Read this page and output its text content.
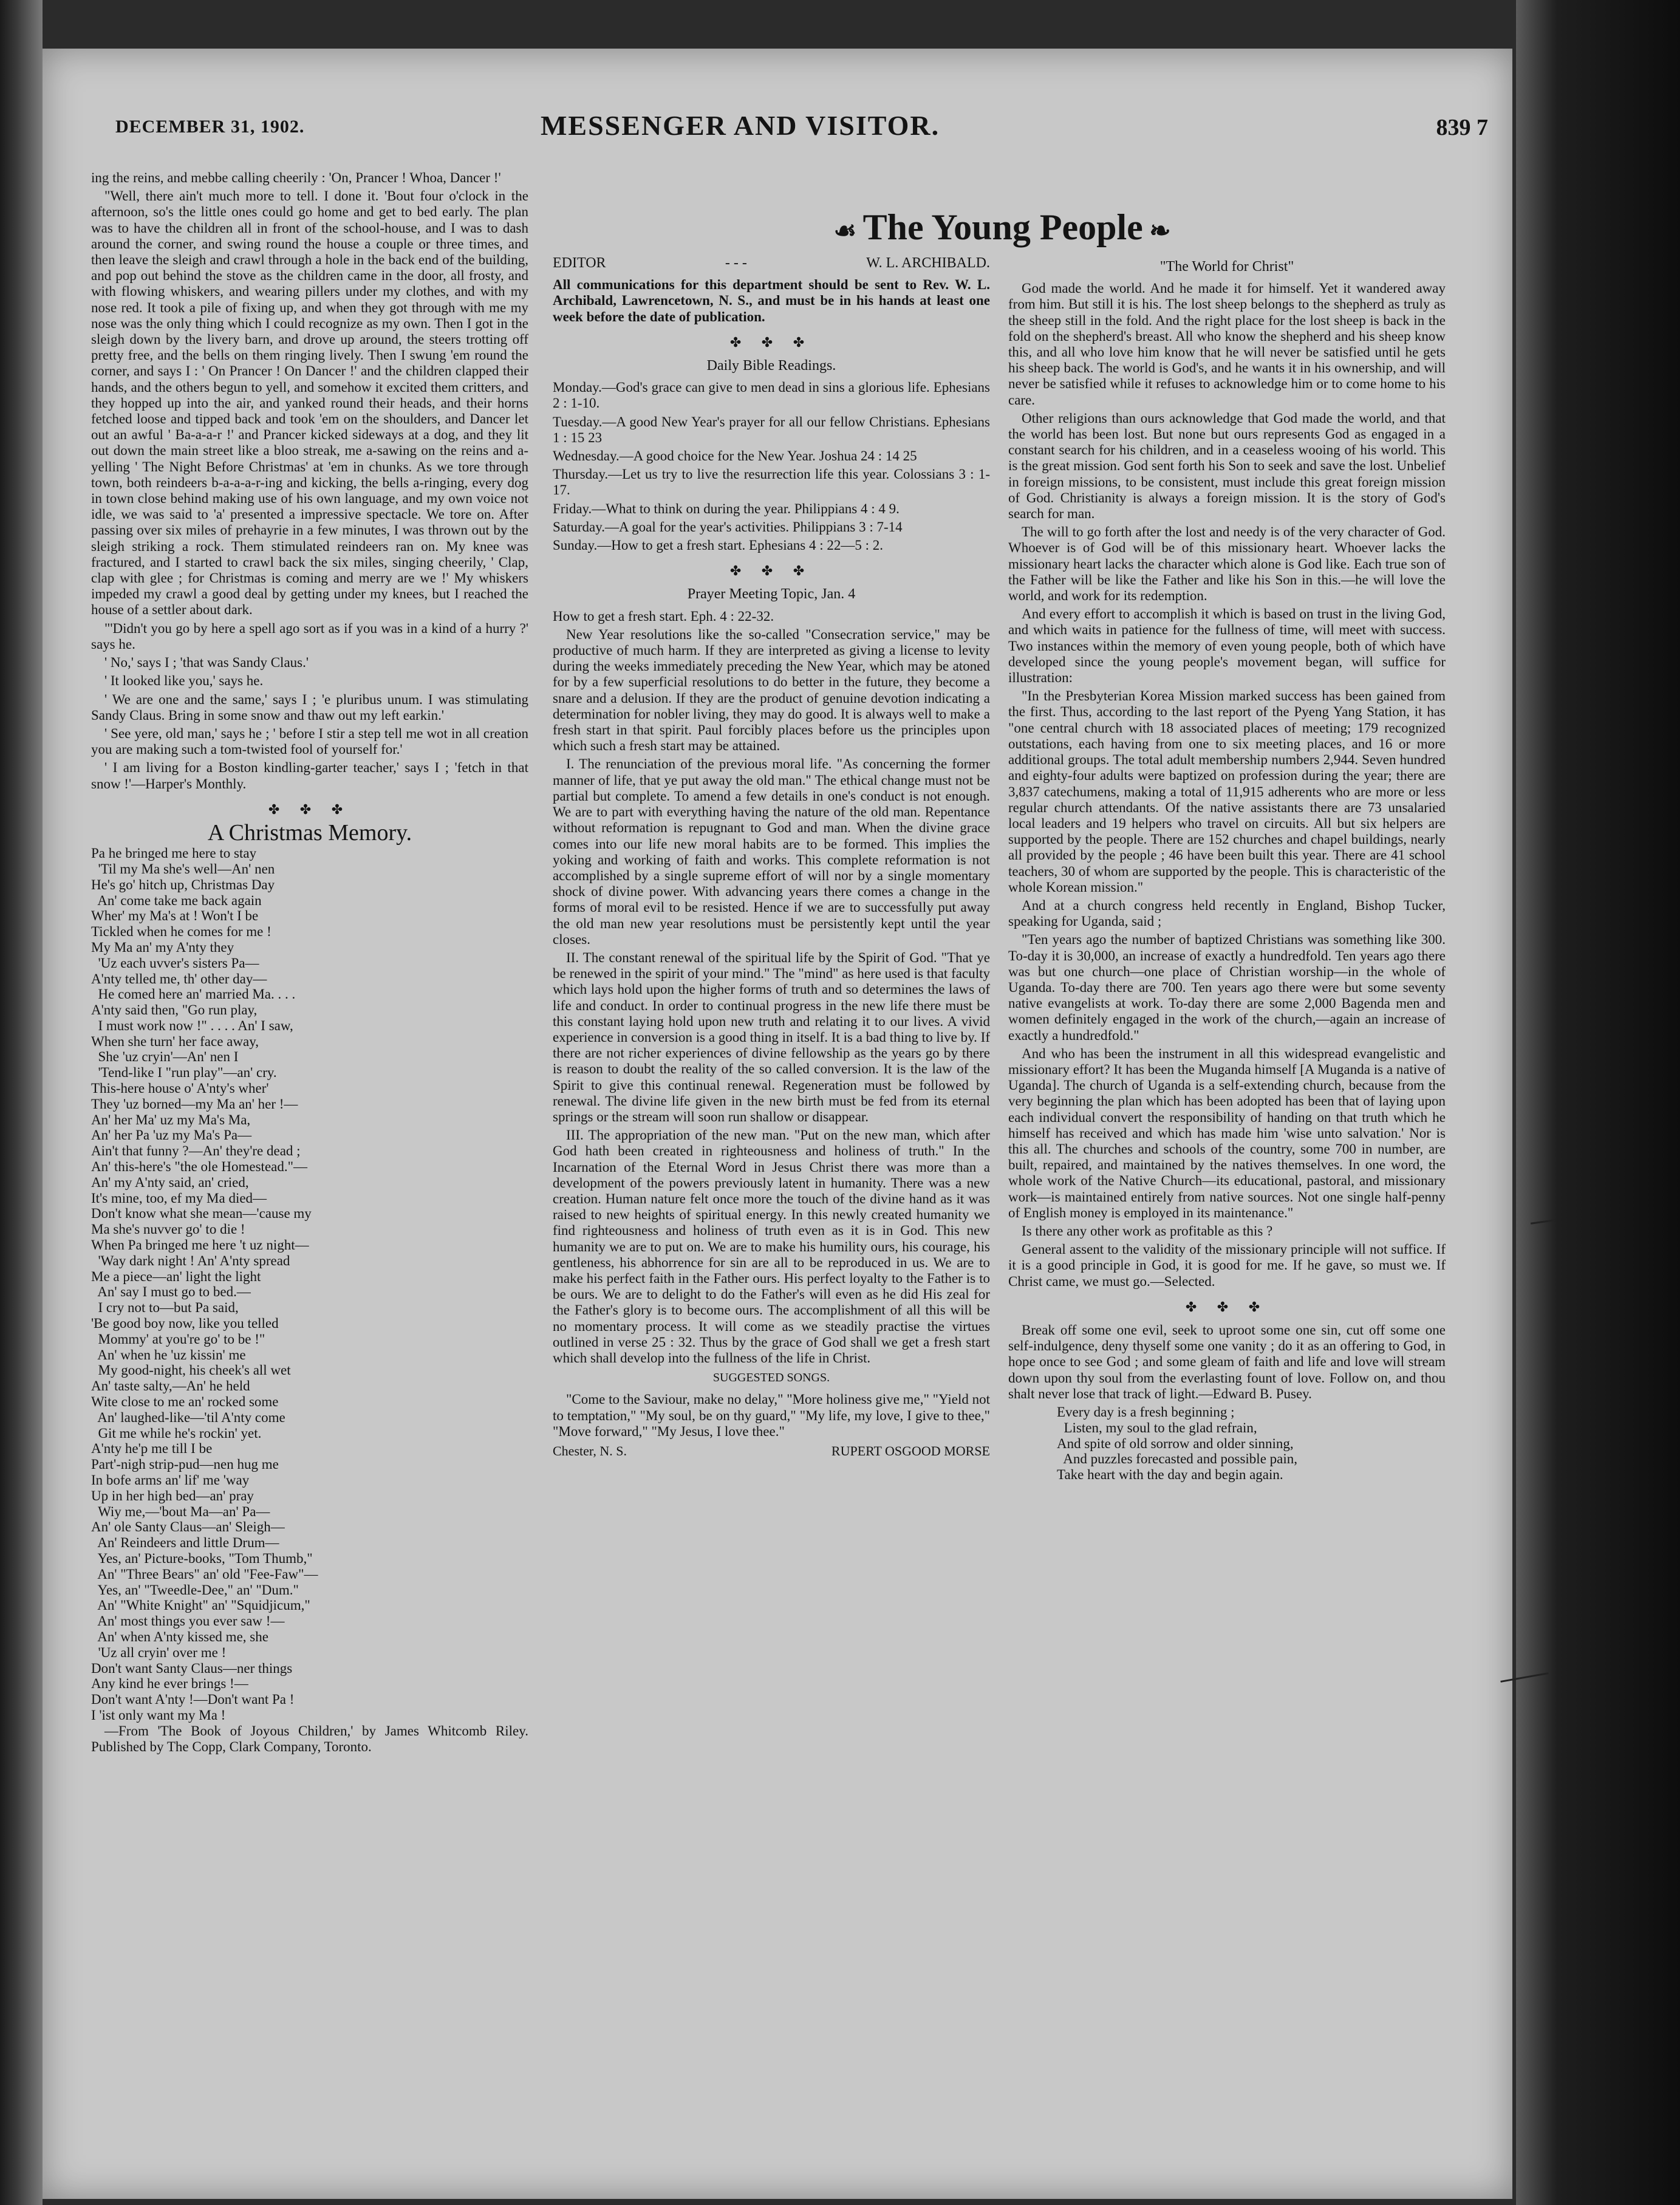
DECEMBER 31, 1902.	MESSENGER AND VISITOR.	839 7
☙ The Young People ❧

ing the reins, and mebbe calling cheerily : 'On, Prancer ! Whoa, Dancer !'

"Well, there ain't much more to tell. I done it. 'Bout four o'clock in the afternoon, so's the little ones could go home and get to bed early. The plan was to have the children all in front of the school-house, and I was to dash around the corner, and swing round the house a couple or three times, and then leave the sleigh and crawl through a hole in the back end of the building, and pop out behind the stove as the children came in the door, all frosty, and with flowing whiskers, and wearing pillers under my clothes, and with my nose red. It took a pile of fixing up, and when they got through with me my nose was the only thing which I could recognize as my own. Then I got in the sleigh down by the livery barn, and drove up around, the steers trotting off pretty free, and the bells on them ringing lively. Then I swung 'em round the corner, and says I : ' On Prancer ! On Dancer !' and the children clapped their hands, and the others begun to yell, and somehow it excited them critters, and they hopped up into the air, and yanked round their heads, and their horns fetched loose and tipped back and took 'em on the shoulders, and Dancer let out an awful ' Ba-a-a-r !' and Prancer kicked sideways at a dog, and they lit out down the main street like a bloo streak, me a-sawing on the reins and a-yelling ' The Night Before Christmas' at 'em in chunks. As we tore through town, both reindeers b-a-a-a-r-ing and kicking, the bells a-ringing, every dog in town close behind making use of his own language, and my own voice not idle, we was said to 'a' presented a impressive spectacle. We tore on. After passing over six miles of prehayrie in a few minutes, I was thrown out by the sleigh striking a rock. Them stimulated reindeers ran on. My knee was fractured, and I started to crawl back the six miles, singing cheerily, ' Clap, clap with glee ; for Christmas is coming and merry are we !' My whiskers impeded my crawl a good deal by getting under my knees, but I reached the house of a settler about dark.

"'Didn't you go by here a spell ago sort as if you was in a kind of a hurry ?' says he.

' No,' says I ; 'that was Sandy Claus.'

' It looked like you,' says he.

' We are one and the same,' says I ; 'e pluribus unum. I was stimulating Sandy Claus. Bring in some snow and thaw out my left earkin.'

' See yere, old man,' says he ; ' before I stir a step tell me wot in all creation you are making such a tom-twisted fool of yourself for.'

' I am living for a Boston kindling-garter teacher,' says I ; 'fetch in that snow !'—Harper's Monthly.

✤ ✤ ✤
A Christmas Memory.
Pa he bringed me here to stay
'Til my Ma she's well—An' nen
He's go' hitch up, Christmas Day
An' come take me back again
Wher' my Ma's at ! Won't I be
Tickled when he comes for me !
My Ma an' my A'nty they
'Uz each uvver's sisters Pa—
A'nty telled me, th' other day—
He comed here an' married Ma. . . .
A'nty said then, "Go run play,
I must work now !" . . . . An' I saw,
When she turn' her face away,
She 'uz cryin'—An' nen I
'Tend-like I "run play"—an' cry.
This-here house o' A'nty's wher'
They 'uz borned—my Ma an' her !—
An' her Ma' uz my Ma's Ma,
An' her Pa 'uz my Ma's Pa—
Ain't that funny ?—An' they're dead ;
An' this-here's "the ole Homestead."—
An' my A'nty said, an' cried,
It's mine, too, ef my Ma died—
Don't know what she mean—'cause my
Ma she's nuvver go' to die !
When Pa bringed me here 't uz night—
'Way dark night ! An' A'nty spread
Me a piece—an' light the light
An' say I must go to bed.—
I cry not to—but Pa said,
'Be good boy now, like you telled
Mommy' at you're go' to be !"
An' when he 'uz kissin' me
My good-night, his cheek's all wet
An' taste salty,—An' he held
Wite close to me an' rocked some
An' laughed-like—'til A'nty come
Git me while he's rockin' yet.
A'nty he'p me till I be
Part'-nigh strip-pud—nen hug me
In bofe arms an' lif' me 'way
Up in her high bed—an' pray
Wiy me,—'bout Ma—an' Pa—
An' ole Santy Claus—an' Sleigh—
An' Reindeers and little Drum—
Yes, an' Picture-books, "Tom Thumb,"
An' "Three Bears" an' old "Fee-Faw"—
Yes, an' "Tweedle-Dee," an' "Dum."
An' "White Knight" an' "Squidjicum,"
An' most things you ever saw !—
An' when A'nty kissed me, she
'Uz all cryin' over me !
Don't want Santy Claus—ner things
Any kind he ever brings !—
Don't want A'nty !—Don't want Pa !
I 'ist only want my Ma !

—From 'The Book of Joyous Children,' by James Whitcomb Riley. Published by The Copp, Clark Company, Toronto.

EDITOR	- - -	W. L. ARCHIBALD.

All communications for this department should be sent to Rev. W. L. Archibald, Lawrencetown, N. S., and must be in his hands at least one week before the date of publication.

✤ ✤ ✤
Daily Bible Readings.

Monday.—God's grace can give to men dead in sins a glorious life. Ephesians 2 : 1-10.

Tuesday.—A good New Year's prayer for all our fellow Christians. Ephesians 1 : 15 23

Wednesday.—A good choice for the New Year. Joshua 24 : 14 25

Thursday.—Let us try to live the resurrection life this year. Colossians 3 : 1-17.

Friday.—What to think on during the year. Philippians 4 : 4 9.

Saturday.—A goal for the year's activities. Philippians 3 : 7-14

Sunday.—How to get a fresh start. Ephesians 4 : 22—5 : 2.

✤ ✤ ✤
Prayer Meeting Topic, Jan. 4

How to get a fresh start. Eph. 4 : 22-32.

New Year resolutions like the so-called "Consecration service," may be productive of much harm. If they are interpreted as giving a license to levity during the weeks immediately preceding the New Year, which may be atoned for by a few superficial resolutions to do better in the future, they become a snare and a delusion. If they are the product of genuine devotion indicating a determination for nobler living, they may do good. It is always well to make a fresh start in that spirit. Paul forcibly places before us the principles upon which such a fresh start may be attained.

I. The renunciation of the previous moral life. "As concerning the former manner of life, that ye put away the old man." The ethical change must not be partial but complete. To amend a few details in one's conduct is not enough. We are to part with everything having the nature of the old man. Repentance without reformation is repugnant to God and man. When the divine grace comes into our life new moral habits are to be formed. This implies the yoking and working of faith and works. This complete reformation is not accomplished by a single supreme effort of will nor by a single momentary shock of divine power. With advancing years there comes a change in the forms of moral evil to be resisted. Hence if we are to successfully put away the old man new year resolutions must be persistently kept until the year closes.

II. The constant renewal of the spiritual life by the Spirit of God. "That ye be renewed in the spirit of your mind." The "mind" as here used is that faculty which lays hold upon the higher forms of truth and so determines the laws of life and conduct. In order to continual progress in the new life there must be this constant laying hold upon new truth and relating it to our lives. A vivid experience in conversion is a good thing in itself. It is a bad thing to live by. If there are not richer experiences of divine fellowship as the years go by there is reason to doubt the reality of the so called conversion. It is the law of the Spirit to give this continual renewal. Regeneration must be followed by renewal. The divine life given in the new birth must be fed from its eternal springs or the stream will soon run shallow or disappear.

III. The appropriation of the new man. "Put on the new man, which after God hath been created in righteousness and holiness of truth." In the Incarnation of the Eternal Word in Jesus Christ there was more than a development of the powers previously latent in humanity. There was a new creation. Human nature felt once more the touch of the divine hand as it was raised to new heights of spiritual energy. In this newly created humanity we find righteousness and holiness of truth even as it is in God. This new humanity we are to put on. We are to make his humility ours, his courage, his gentleness, his abhorrence for sin are all to be reproduced in us. We are to make his perfect faith in the Father ours. His perfect loyalty to the Father is to be ours. We are to delight to do the Father's will even as he did His zeal for the Father's glory is to become ours. The accomplishment of all this will be no momentary process. It will come as we steadily practise the virtues outlined in verse 25 : 32. Thus by the grace of God shall we get a fresh start which shall develop into the fullness of the life in Christ.

SUGGESTED SONGS.

"Come to the Saviour, make no delay," "More holiness give me," "Yield not to temptation," "My soul, be on thy guard," "My life, my love, I give to thee," "Move forward," "My Jesus, I love thee."

Chester, N. S.	RUPERT OSGOOD MORSE
"The World for Christ"

God made the world. And he made it for himself. Yet it wandered away from him. But still it is his. The lost sheep belongs to the shepherd as truly as the sheep still in the fold. And the right place for the lost sheep is back in the fold on the shepherd's breast. All who know the shepherd and his sheep know this, and all who love him know that he will never be satisfied until he gets his sheep back. The world is God's, and he wants it in his ownership, and will never be satisfied while it refuses to acknowledge him or to come home to his care.

Other religions than ours acknowledge that God made the world, and that the world has been lost. But none but ours represents God as engaged in a constant search for his children, and in a ceaseless wooing of his world. This is the great mission. God sent forth his Son to seek and save the lost. Unbelief in foreign missions, to be consistent, must include this great foreign mission of God. Christianity is always a foreign mission. It is the story of God's search for man.

The will to go forth after the lost and needy is of the very character of God. Whoever is of God will be of this missionary heart. Whoever lacks the missionary heart lacks the character which alone is God like. Each true son of the Father will be like the Father and like his Son in this.—he will love the world, and work for its redemption.

And every effort to accomplish it which is based on trust in the living God, and which waits in patience for the fullness of time, will meet with success. Two instances within the memory of even young people, both of which have developed since the young people's movement began, will suffice for illustration:

"In the Presbyterian Korea Mission marked success has been gained from the first. Thus, according to the last report of the Pyeng Yang Station, it has "one central church with 18 associated places of meeting; 179 recognized outstations, each having from one to six meeting places, and 16 or more additional groups. The total adult membership numbers 2,944. Seven hundred and eighty-four adults were baptized on profession during the year; there are 3,837 catechumens, making a total of 11,915 adherents who are more or less regular church attendants. Of the native assistants there are 73 unsalaried local leaders and 19 helpers who travel on circuits. All but six helpers are supported by the people. There are 152 churches and chapel buildings, nearly all provided by the people ; 46 have been built this year. There are 41 school teachers, 30 of whom are supported by the people. This is characteristic of the whole Korean mission."

And at a church congress held recently in England, Bishop Tucker, speaking for Uganda, said ;

"Ten years ago the number of baptized Christians was something like 300. To-day it is 30,000, an increase of exactly a hundredfold. Ten years ago there was but one church—one place of Christian worship—in the whole of Uganda. To-day there are 700. Ten years ago there were but some seventy native evangelists at work. To-day there are some 2,000 Bagenda men and women definitely engaged in the work of the church,—again an increase of exactly a hundredfold."

And who has been the instrument in all this widespread evangelistic and missionary effort? It has been the Muganda himself [A Muganda is a native of Uganda]. The church of Uganda is a self-extending church, because from the very beginning the plan which has been adopted has been that of laying upon each individual convert the responsibility of handing on that truth which he himself has received and which has made him 'wise unto salvation.' Nor is this all. The churches and schools of the country, some 700 in number, are built, repaired, and maintained by the natives themselves. In one word, the whole work of the Native Church—its educational, pastoral, and missionary work—is maintained entirely from native sources. Not one single half-penny of English money is employed in its maintenance."

Is there any other work as profitable as this ?

General assent to the validity of the missionary principle will not suffice. If it is a good principle in God, it is good for me. If he gave, so must we. If Christ came, we must go.—Selected.

✤ ✤ ✤

Break off some one evil, seek to uproot some one sin, cut off some one self-indulgence, deny thyself some one vanity ; do it as an offering to God, in hope once to see God ; and some gleam of faith and life and love will stream down upon thy soul from the everlasting fount of love. Follow on, and thou shalt never lose that track of light.—Edward B. Pusey.

Every day is a fresh beginning ;
Listen, my soul to the glad refrain,
And spite of old sorrow and older sinning,
And puzzles forecasted and possible pain,
Take heart with the day and begin again.
